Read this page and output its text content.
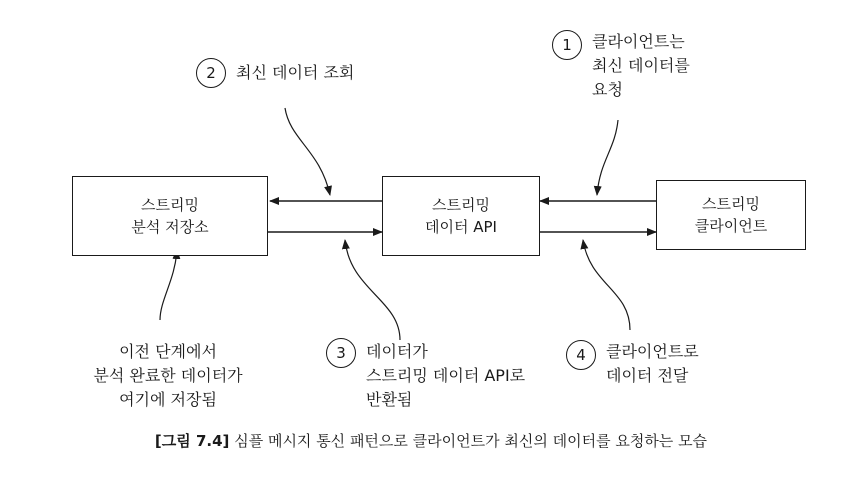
스트리밍
분석 저장소
스트리밍
데이터 API
스트리밍
클라이언트
2	최신 데이터 조회
1	클라이언트는
최신 데이터를
요청
이전 단계에서
분석 완료한 데이터가
여기에 저장됨
3	데이터가
스트리밍 데이터 API로
반환됨
4	클라이언트로
데이터 전달
[그림 7.4] 심플 메시지 통신 패턴으로 클라이언트가 최신의 데이터를 요청하는 모습
